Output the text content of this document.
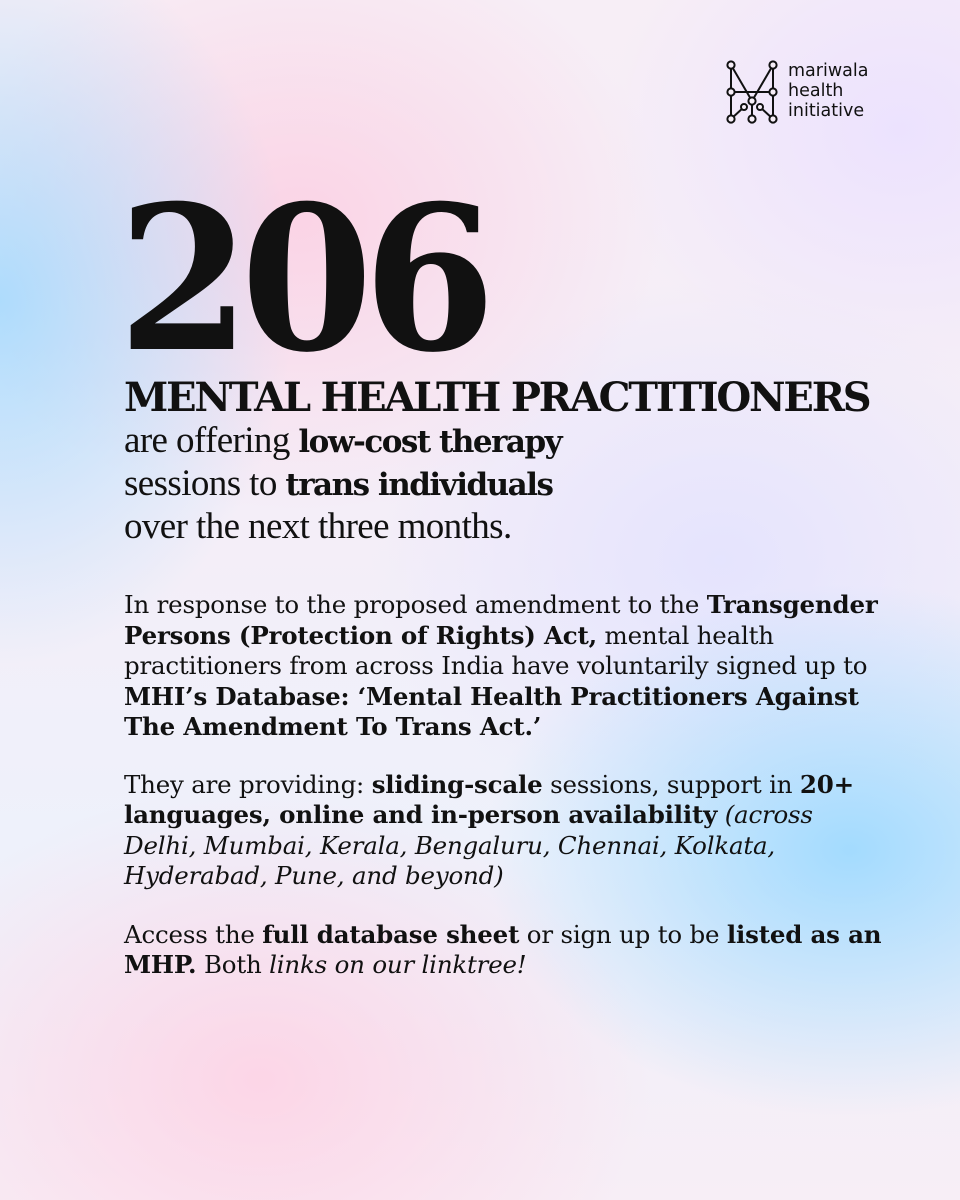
mariwala
health
initiative
206
MENTAL HEALTH PRACTITIONERS
are offering low-cost therapy
sessions to trans individuals
over the next three months.

In response to the proposed amendment to the Transgender Persons (Protection of Rights) Act, mental health practitioners from across India have voluntarily signed up to MHI’s Database: ‘Mental Health Practitioners Against The Amendment To Trans Act.’

They are providing: sliding-scale sessions, support in 20+ languages, online and in-person availability (across Delhi, Mumbai, Kerala, Bengaluru, Chennai, Kolkata, Hyderabad, Pune, and beyond)

Access the full database sheet or sign up to be listed as an MHP. Both links on our linktree!
